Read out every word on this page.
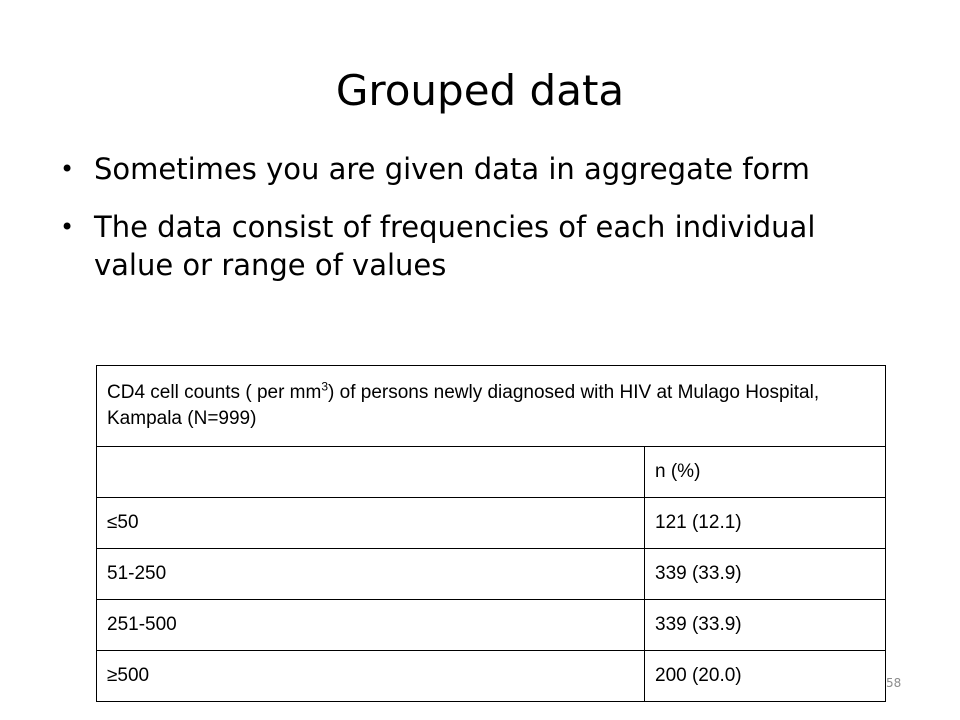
Grouped data
• Sometimes you are given data in aggregate form
• The data consist of frequencies of each individual value or range of values
CD4 cell counts ( per $mm^3$) of persons newly diagnosed with HIV at Mulago Hospital, Kampala (N=999)	
	n (%)
≤50	121 (12.1)
51-250	339 (33.9)
251-500	339 (33.9)
≥500	200 (20.0)	58
